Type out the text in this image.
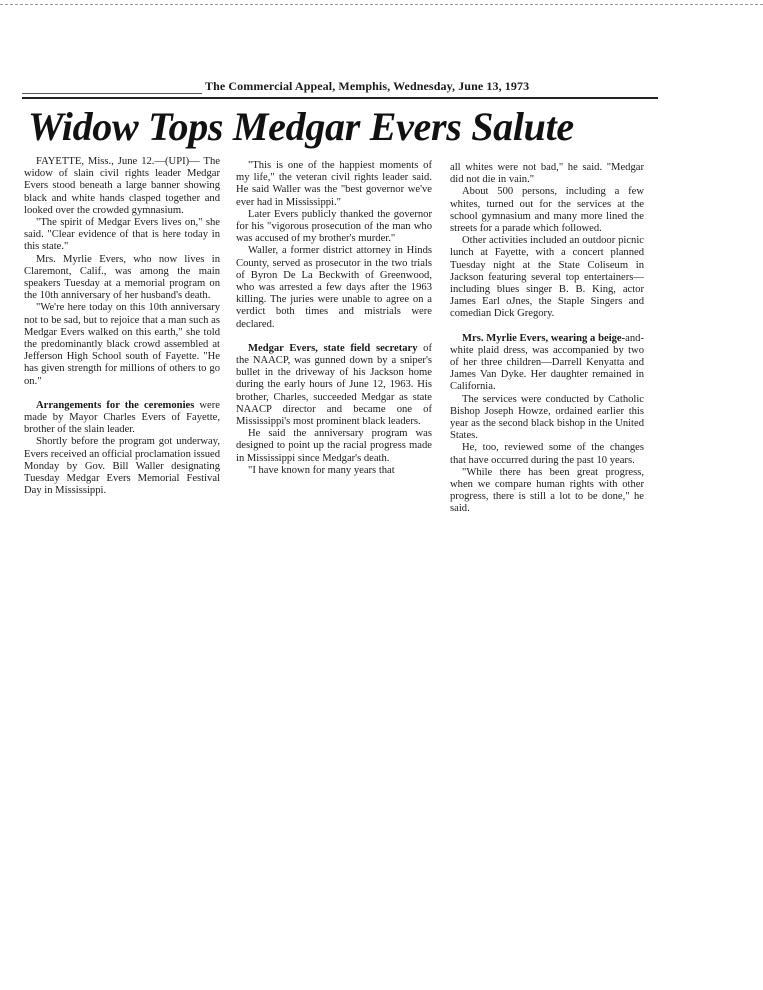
The Commercial Appeal, Memphis, Wednesday, June 13, 1973
Widow Tops Medgar Evers Salute

FAYETTE, Miss., June 12.—(UPI)— The widow of slain civil rights leader Medgar Evers stood beneath a large banner showing black and white hands clasped together and looked over the crowded gymnasium.

"The spirit of Medgar Evers lives on," she said. "Clear evidence of that is here today in this state."

Mrs. Myrlie Evers, who now lives in Claremont, Calif., was among the main speakers Tuesday at a memorial program on the 10th anniversary of her husband's death.

"We're here today on this 10th anniversary not to be sad, but to rejoice that a man such as Medgar Evers walked on this earth," she told the predominantly black crowd assembled at Jefferson High School south of Fayette. "He has given strength for millions of others to go on."

Arrangements for the ceremonies were made by Mayor Charles Evers of Fayette, brother of the slain leader.

Shortly before the program got underway, Evers received an official proclamation issued Monday by Gov. Bill Waller designating Tuesday Medgar Evers Memorial Festival Day in Mississippi.

"This is one of the happiest moments of my life," the veteran civil rights leader said. He said Waller was the "best governor we've ever had in Mississippi."

Later Evers publicly thanked the governor for his "vigorous prosecution of the man who was accused of my brother's murder."

Waller, a former district attorney in Hinds County, served as prosecutor in the two trials of Byron De La Beckwith of Greenwood, who was arrested a few days after the 1963 killing. The juries were unable to agree on a verdict both times and mistrials were declared.

Medgar Evers, state field secretary of the NAACP, was gunned down by a sniper's bullet in the driveway of his Jackson home during the early hours of June 12, 1963. His brother, Charles, succeeded Medgar as state NAACP director and became one of Mississippi's most prominent black leaders.

He said the anniversary program was designed to point up the racial progress made in Mississippi since Medgar's death.

"I have known for many years that

all whites were not bad," he said. "Medgar did not die in vain."

About 500 persons, including a few whites, turned out for the services at the school gymnasium and many more lined the streets for a parade which followed.

Other activities included an outdoor picnic lunch at Fayette, with a concert planned Tuesday night at the State Coliseum in Jackson featuring several top entertainers—including blues singer B. B. King, actor James Earl oJnes, the Staple Singers and comedian Dick Gregory.

Mrs. Myrlie Evers, wearing a beige-and-white plaid dress, was accompanied by two of her three children—Darrell Kenyatta and James Van Dyke. Her daughter remained in California.

The services were conducted by Catholic Bishop Joseph Howze, ordained earlier this year as the second black bishop in the United States.

He, too, reviewed some of the changes that have occurred during the past 10 years.

"While there has been great progress, when we compare human rights with other progress, there is still a lot to be done," he said.
